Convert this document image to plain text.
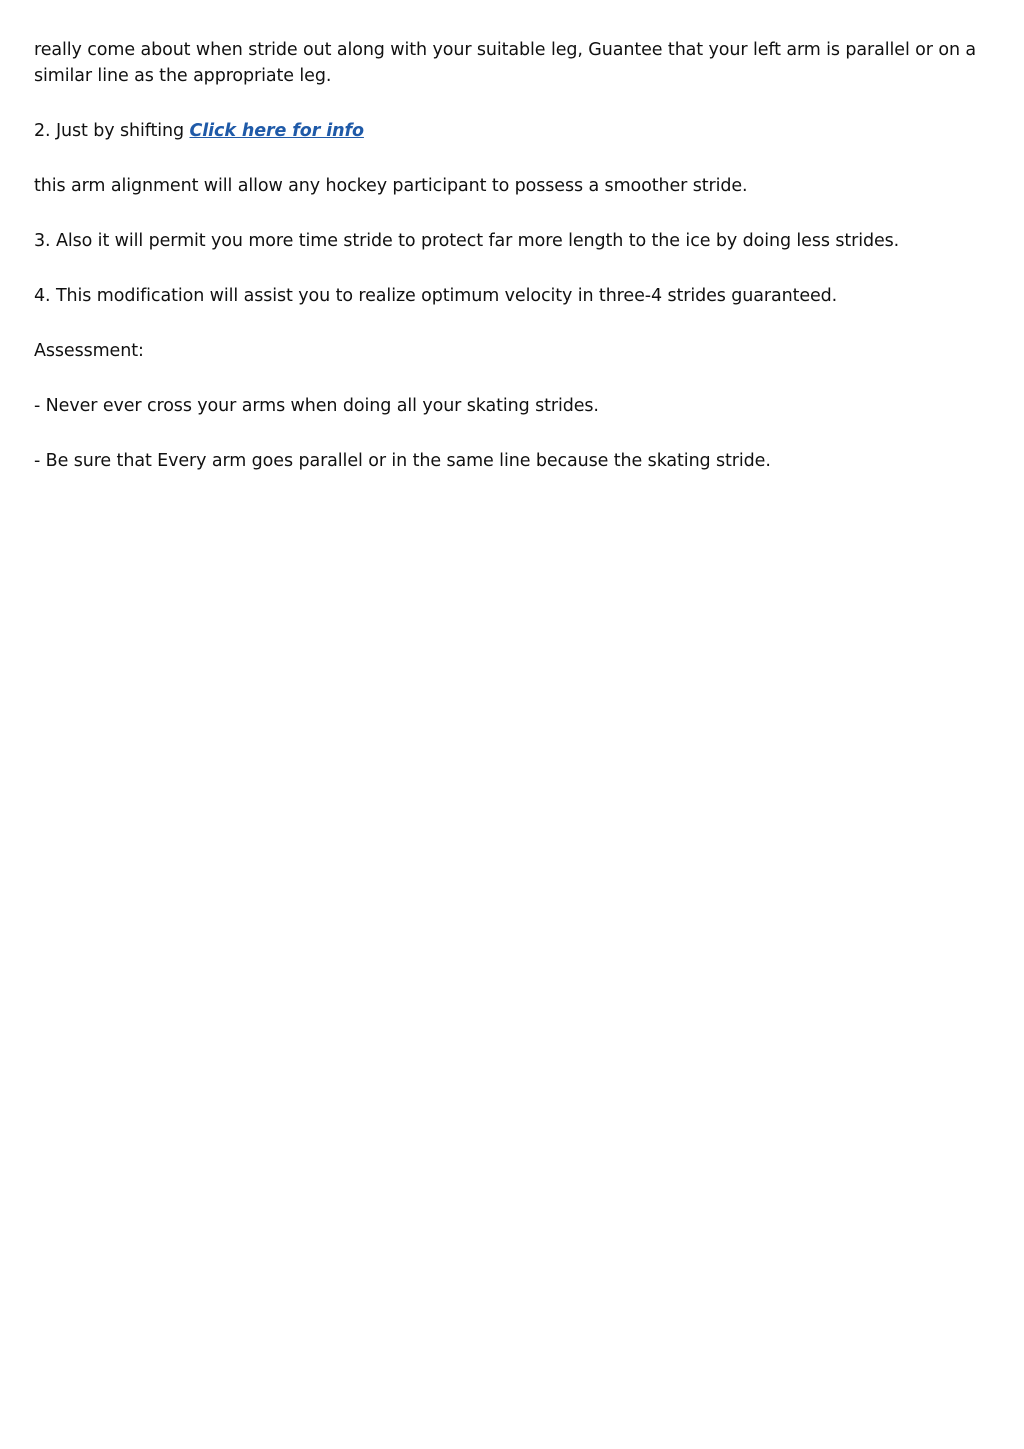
really come about when stride out along with your suitable leg, Guantee that your left arm is parallel or on a similar line as the appropriate leg.

2. Just by shifting Click here for info

this arm alignment will allow any hockey participant to possess a smoother stride.

3. Also it will permit you more time stride to protect far more length to the ice by doing less strides.

4. This modification will assist you to realize optimum velocity in three-4 strides guaranteed.

Assessment:

- Never ever cross your arms when doing all your skating strides.

- Be sure that Every arm goes parallel or in the same line because the skating stride.
